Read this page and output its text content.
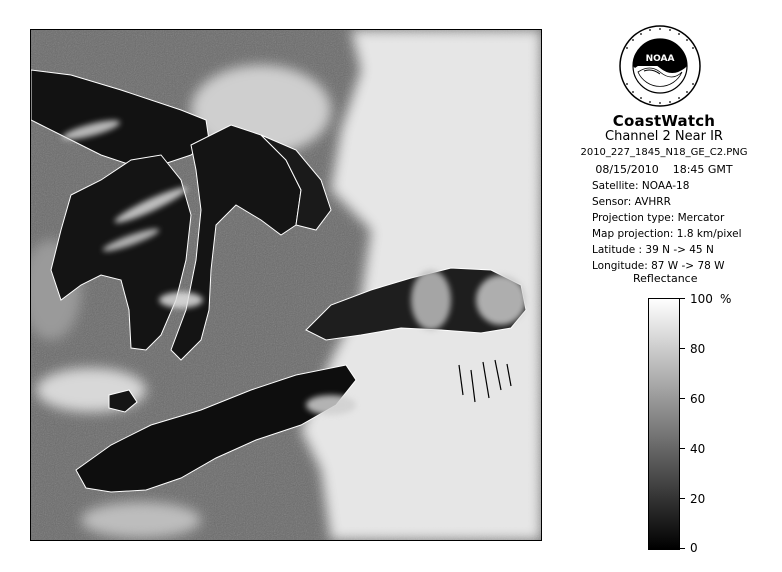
NOAA
CoastWatch
Channel 2 Near IR
2010_227_1845_N18_GE_C2.PNG
08/15/2010    18:45 GMT
Satellite: NOAA-18
Sensor: AVHRR
Projection type: Mercator
Map projection: 1.8 km/pixel
Latitude : 39 N -> 45 N
Longitude: 87 W -> 78 W
Reflectance
%
100
80
60
40
20
0
